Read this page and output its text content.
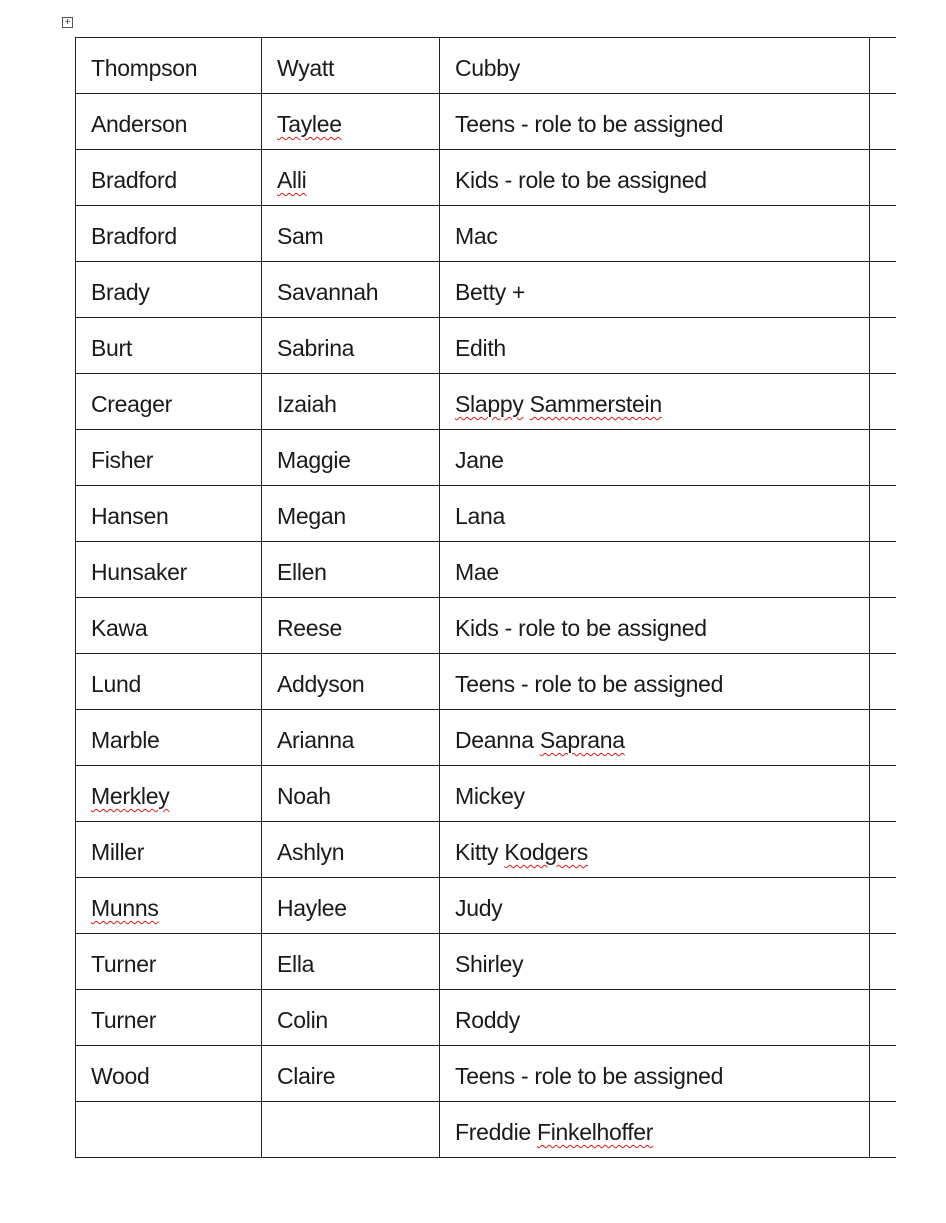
+
Thompson	Wyatt	Cubby	
Anderson	Taylee	Teens - role to be assigned	
Bradford	Alli	Kids - role to be assigned	
Bradford	Sam	Mac	
Brady	Savannah	Betty +	
Burt	Sabrina	Edith	
Creager	Izaiah	Slappy Sammerstein	
Fisher	Maggie	Jane	
Hansen	Megan	Lana	
Hunsaker	Ellen	Mae	
Kawa	Reese	Kids - role to be assigned	
Lund	Addyson	Teens - role to be assigned	
Marble	Arianna	Deanna Saprana	
Merkley	Noah	Mickey	
Miller	Ashlyn	Kitty Kodgers	
Munns	Haylee	Judy	
Turner	Ella	Shirley	
Turner	Colin	Roddy	
Wood	Claire	Teens - role to be assigned	
		Freddie Finkelhoffer	
